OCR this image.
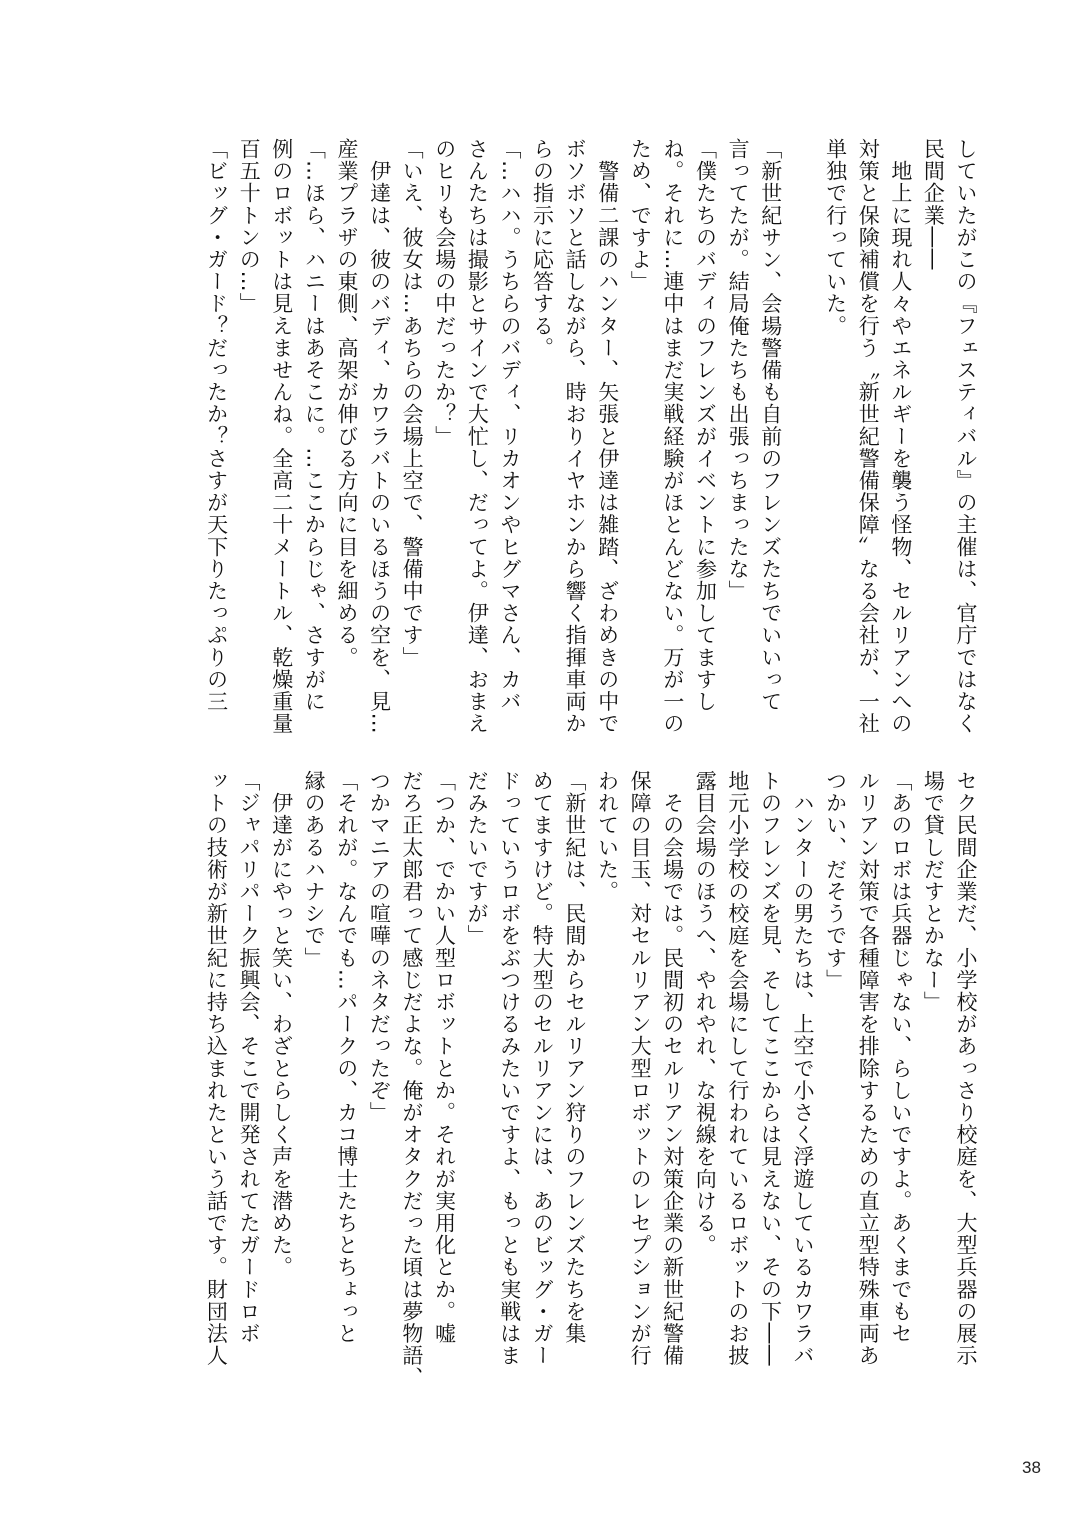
していたがこの『フェスティバル』の主催は、官庁ではなく
民間企業――
　地上に現れ人々やエネルギーを襲う怪物、セルリアンへの
対策と保険補償を行う〝新世紀警備保障〟なる会社が、一社
単独で行っていた。
「新世紀サン、会場警備も自前のフレンズたちでいいって
言ってたが。結局俺たちも出張っちまったな」
「僕たちのバディのフレンズがイベントに参加してますし
ね。それに…連中はまだ実戦経験がほとんどない。万が一の
ため、ですよ」
　警備二課のハンター、矢張と伊達は雑踏、ざわめきの中で
ボソボソと話しながら、時おりイヤホンから響く指揮車両か
らの指示に応答する。
「…ハハ。うちらのバディ、リカオンやヒグマさん、カバ
さんたちは撮影とサインで大忙し、だってよ。伊達、おまえ
のヒリも会場の中だったか？」
「いえ、彼女は…あちらの会場上空で、警備中です」
　伊達は、彼のバディ、カワラバトのいるほうの空を、見…
産業プラザの東側、高架が伸びる方向に目を細める。
「…ほら、ハニーはあそこに。…ここからじゃ、さすがに
例のロボットは見えませんね。全高二十メートル、乾燥重量
百五十トンの…」
「ビッグ・ガード？だったか？さすが天下りたっぷりの三
セク民間企業だ、小学校があっさり校庭を、大型兵器の展示
場で貸しだすとかなー」
「あのロボは兵器じゃない、らしいですよ。あくまでもセ
ルリアン対策で各種障害を排除するための直立型特殊車両あ
つかい、だそうです」
　ハンターの男たちは、上空で小さく浮遊しているカワラバ
トのフレンズを見、そしてここからは見えない、その下――
地元小学校の校庭を会場にして行われているロボットのお披
露目会場のほうへ、やれやれ、な視線を向ける。
　その会場では。民間初のセルリアン対策企業の新世紀警備
保障の目玉、対セルリアン大型ロボットのレセプションが行
われていた。
「新世紀は、民間からセルリアン狩りのフレンズたちを集
めてますけど。特大型のセルリアンには、あのビッグ・ガー
ドっていうロボをぶつけるみたいですよ、もっとも実戦はま
だみたいですが」
「つか、でかい人型ロボットとか。それが実用化とか。嘘
だろ正太郎君って感じだよな。俺がオタクだった頃は夢物語、
つかマニアの喧嘩のネタだったぞ」
「それが。なんでも…パークの、カコ博士たちとちょっと
縁のあるハナシで」
　伊達がにやっと笑い、わざとらしく声を潜めた。
「ジャパリパーク振興会、そこで開発されてたガードロボ
ットの技術が新世紀に持ち込まれたという話です。財団法人
38
